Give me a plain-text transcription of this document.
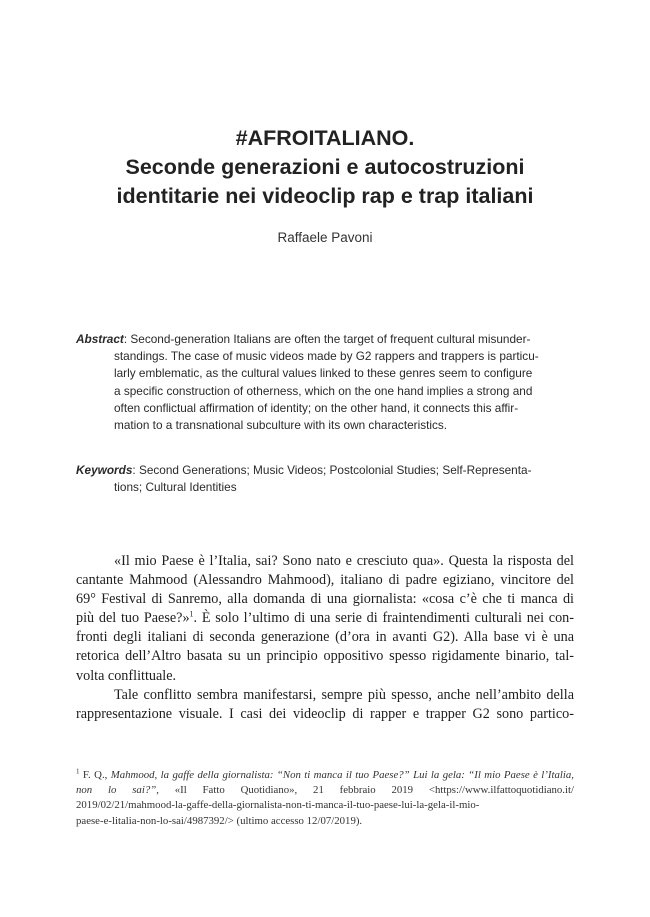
#AFROITALIANO.
Seconde generazioni e autocostruzioni
identitarie nei videoclip rap e trap italiani
Raffaele Pavoni
Abstract: Second-generation Italians are often the target of frequent cultural misunder-
standings. The case of music videos made by G2 rappers and trappers is particu-
larly emblematic, as the cultural values linked to these genres seem to configure
a specific construction of otherness, which on the one hand implies a strong and
often conflictual affirmation of identity; on the other hand, it connects this affir-
mation to a transnational subculture with its own characteristics.
Keywords: Second Generations; Music Videos; Postcolonial Studies; Self-Representa-
tions; Cultural Identities
«Il mio Paese è l’Italia, sai? Sono nato e cresciuto qua». Questa la risposta del
cantante Mahmood (Alessandro Mahmood), italiano di padre egiziano, vincitore del
69° Festival di Sanremo, alla domanda di una giornalista: «cosa c’è che ti manca di
più del tuo Paese?»$^1$. È solo l’ultimo di una serie di fraintendimenti culturali nei con-
fronti degli italiani di seconda generazione (d’ora in avanti G2). Alla base vi è una
retorica dell’Altro basata su un principio oppositivo spesso rigidamente binario, tal-
volta conflittuale.
Tale conflitto sembra manifestarsi, sempre più spesso, anche nell’ambito della
rappresentazione visuale. I casi dei videoclip di rapper e trapper G2 sono partico-
$^1$ F. Q., Mahmood, la gaffe della giornalista: “Non ti manca il tuo Paese?” Lui la gela: “Il mio Paese è l’Italia,
non lo sai?”, «Il Fatto Quotidiano», 21 febbraio 2019 <https://www.ilfattoquotidiano.it/
2019/02/21/mahmood-la-gaffe-della-giornalista-non-ti-manca-il-tuo-paese-lui-la-gela-il-mio-
paese-e-litalia-non-lo-sai/4987392/> (ultimo accesso 12/07/2019).
